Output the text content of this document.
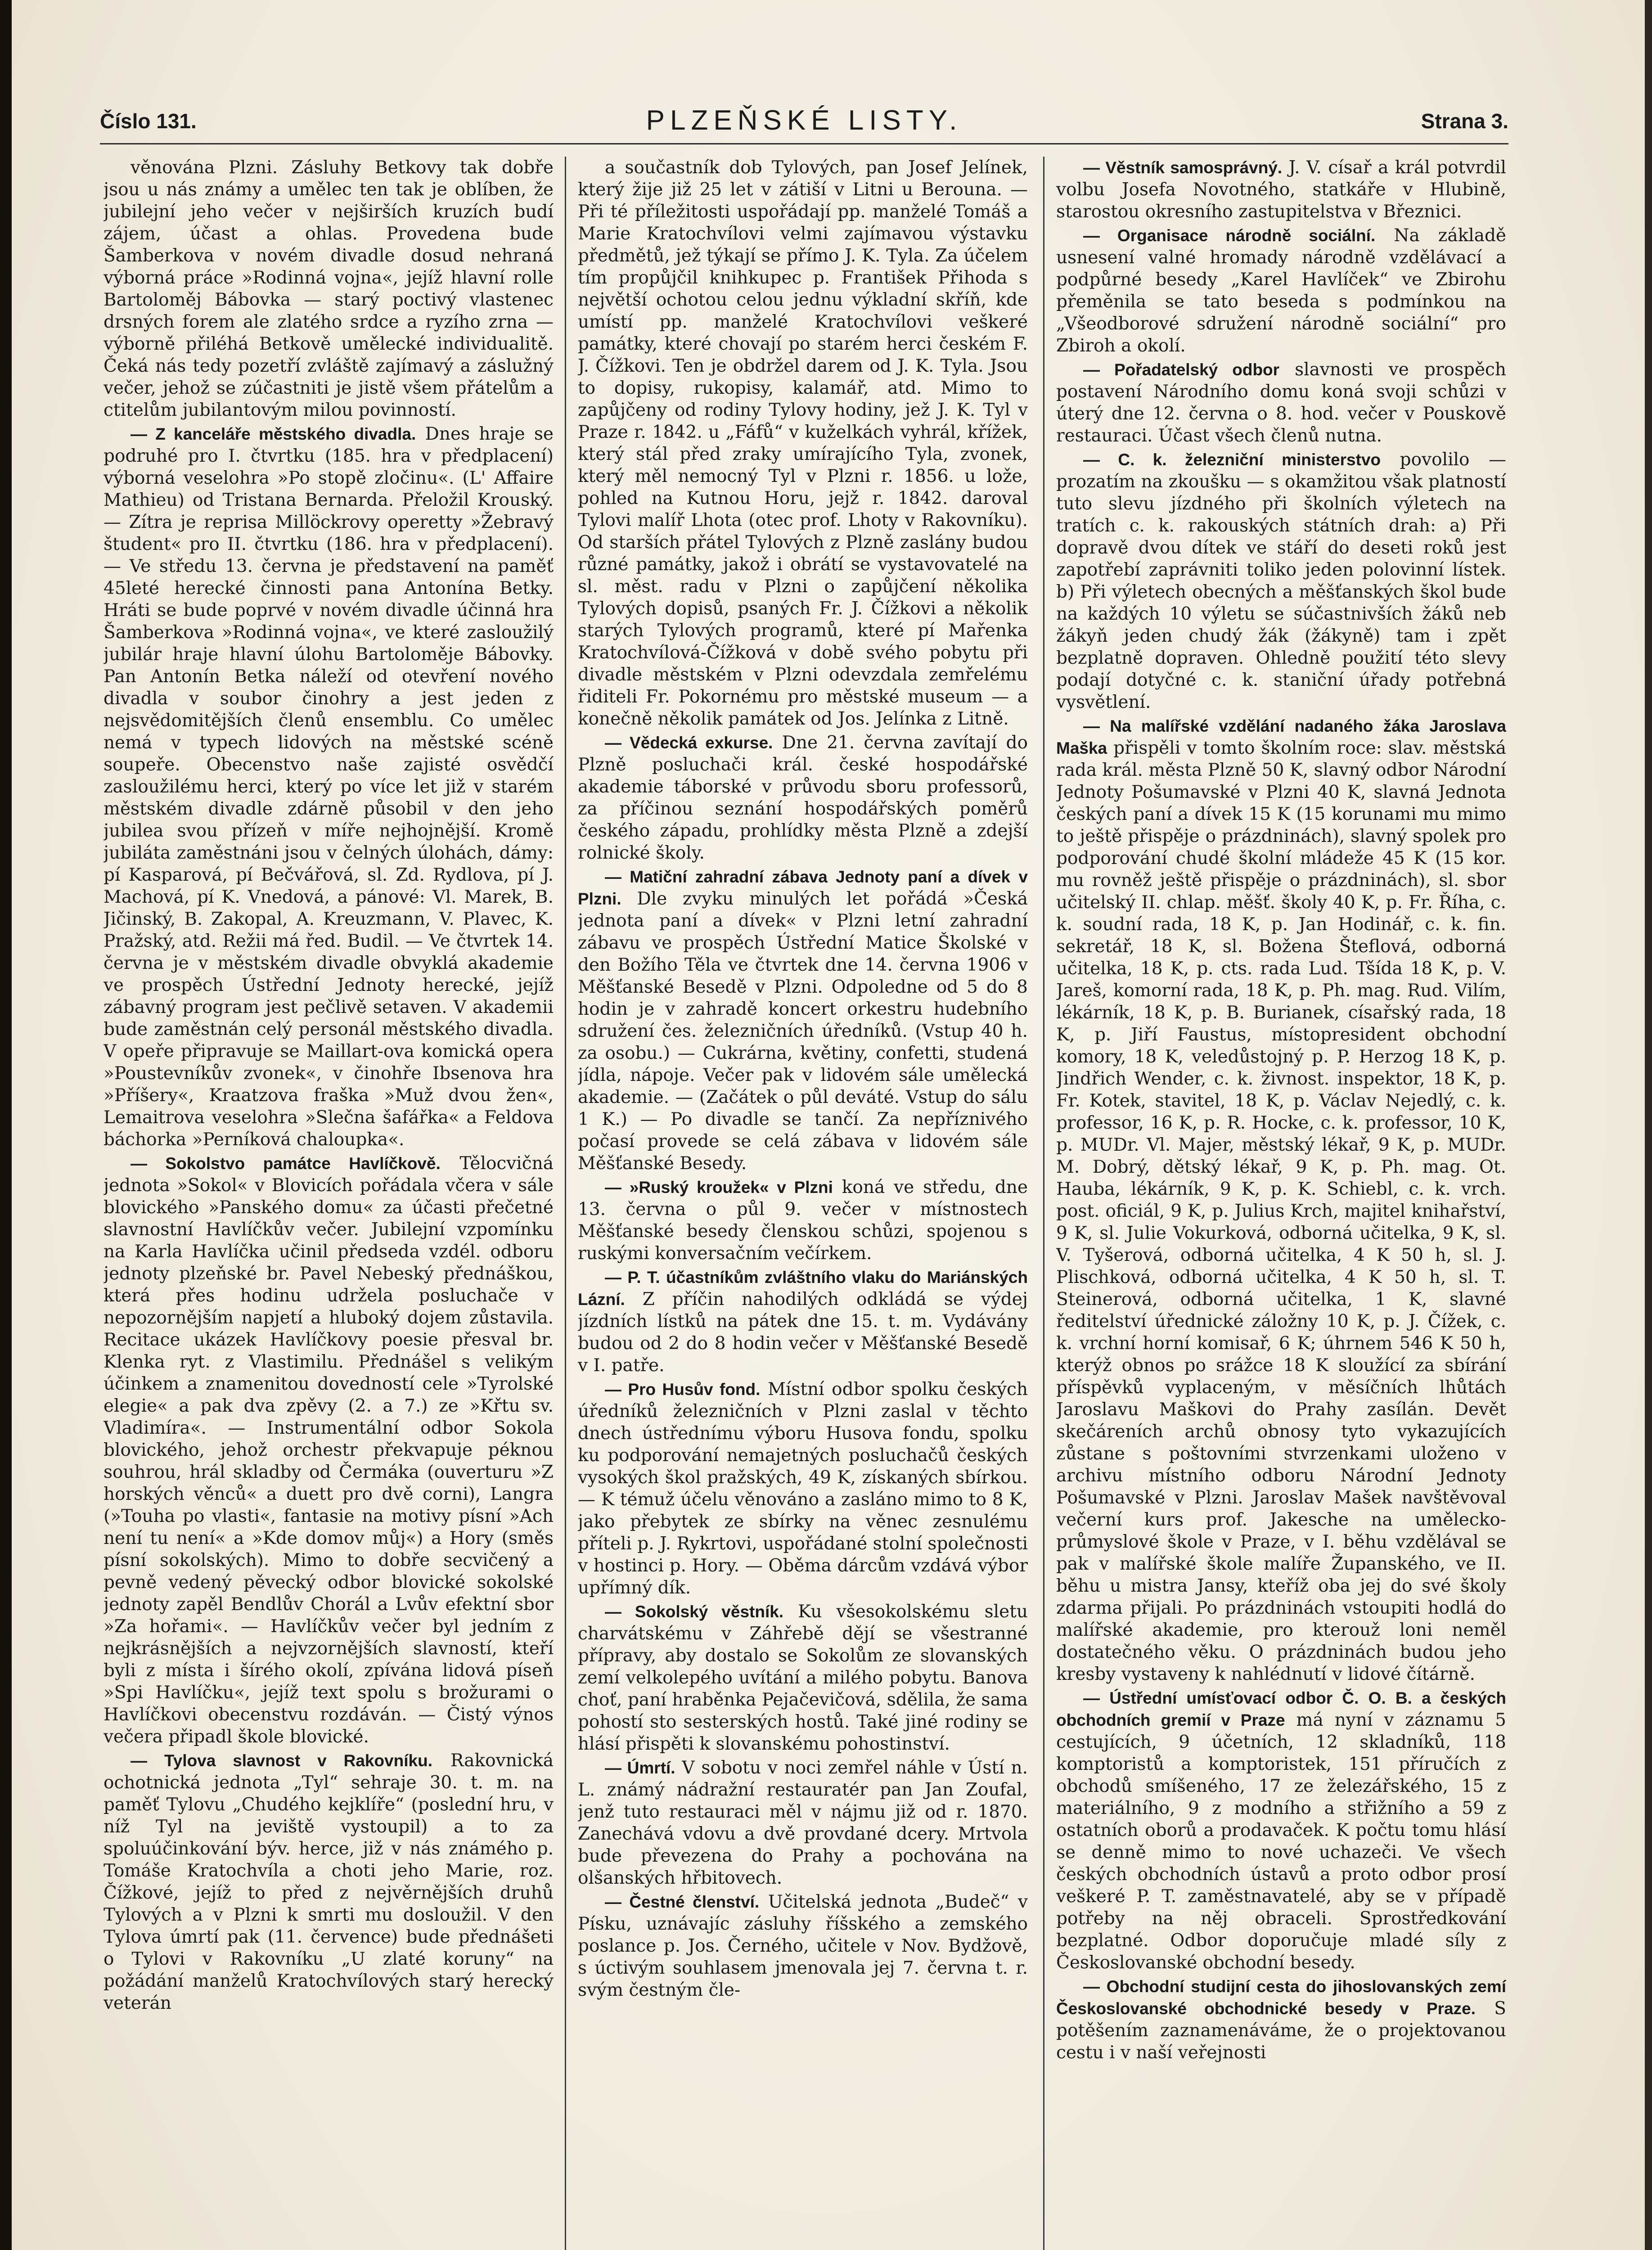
Číslo 131.	PLZEŇSKÉ LISTY.	Strana 3.

věnována Plzni. Zásluhy Betkovy tak dobře jsou u nás známy a umělec ten tak je oblíben, že jubilejní jeho večer v nejširších kruzích budí zájem, účast a ohlas. Provedena bude Šamberkova v novém divadle dosud nehraná výborná práce »Rodinná vojna«, jejíž hlavní rolle Bartoloměj Bábovka — starý poctivý vlastenec drsných forem ale zlatého srdce a ryzího zrna — výborně přiléhá Betkově umělecké individualitě. Čeká nás tedy pozetří zvláště zajímavý a záslužný večer, jehož se zúčastniti je jistě všem přátelům a ctitelům jubilantovým milou povinností.

— Z kanceláře městského divadla. Dnes hraje se podruhé pro I. čtvrtku (185. hra v předplacení) výborná veselohra »Po stopě zločinu«. (L' Affaire Mathieu) od Tristana Bernarda. Přeložil Krouský. — Zítra je reprisa Millöckrovy operetty »Žebravý študent« pro II. čtvrtku (186. hra v předplacení). — Ve středu 13. června je představení na paměť 45leté herecké činnosti pana Antonína Betky. Hráti se bude poprvé v novém divadle účinná hra Šamberkova »Rodinná vojna«, ve které zasloužilý jubilár hraje hlavní úlohu Bartoloměje Bábovky. Pan Antonín Betka náleží od otevření nového divadla v soubor činohry a jest jeden z nejsvědomitějších členů ensemblu. Co umělec nemá v typech lidových na městské scéně soupeře. Obecenstvo naše zajisté osvědčí zasloužilému herci, který po více let již v starém městském divadle zdárně působil v den jeho jubilea svou přízeň v míře nejhojnější. Kromě jubiláta zaměstnáni jsou v čelných úlohách, dámy: pí Kasparová, pí Bečvářová, sl. Zd. Rydlova, pí J. Machová, pí K. Vnedová, a pánové: Vl. Marek, B. Jičinský, B. Zakopal, A. Kreuzmann, V. Plavec, K. Pražský, atd. Režii má řed. Budil. — Ve čtvrtek 14. června je v městském divadle obvyklá akademie ve prospěch Ústřední Jednoty herecké, jejíž zábavný program jest pečlivě setaven. V akademii bude zaměstnán celý personál městského divadla. V opeře připravuje se Maillart-ova komická opera »Poustevníkův zvonek«, v činohře Ibsenova hra »Příšery«, Kraatzova fraška »Muž dvou žen«, Lemaitrova veselohra »Slečna šafářka« a Feldova báchorka »Perníková chaloupka«.

— Sokolstvo památce Havlíčkově. Tělocvičná jednota »Sokol« v Blovicích pořádala včera v sále blovického »Panského domu« za účasti přečetné slavnostní Havlíčkův večer. Jubilejní vzpomínku na Karla Havlíčka učinil předseda vzdél. odboru jednoty plzeňské br. Pavel Nebeský přednáškou, která přes hodinu udržela posluchače v nepozornějším napjetí a hluboký dojem zůstavila. Recitace ukázek Havlíčkovy poesie přesval br. Klenka ryt. z Vlastimilu. Přednášel s velikým účinkem a znamenitou dovedností cele »Tyrolské elegie« a pak dva zpěvy (2. a 7.) ze »Křtu sv. Vladimíra«. — Instrumentální odbor Sokola blovického, jehož orchestr překvapuje péknou souhrou, hrál skladby od Čermáka (ouverturu »Z horských věnců« a duett pro dvě corni), Langra (»Touha po vlasti«, fantasie na motivy písní »Ach není tu není« a »Kde domov můj«) a Hory (směs písní sokolských). Mimo to dobře secvičený a pevně vedený pěvecký odbor blovické sokolské jednoty zapěl Bendlův Chorál a Lvův efektní sbor »Za hořami«. — Havlíčkův večer byl jedním z nejkrásnějších a nejvzornějších slavností, kteří byli z místa i šírého okolí, zpívána lidová píseň »Spi Havlíčku«, jejíž text spolu s brožurami o Havlíčkovi obecenstvu rozdáván. — Čistý výnos večera připadl škole blovické.

— Tylova slavnost v Rakovníku. Rakovnická ochotnická jednota „Tyl“ sehraje 30. t. m. na paměť Tylovu „Chudého kejklíře“ (poslední hru, v níž Tyl na jeviště vystoupil) a to za spoluúčinkování býv. herce, již v nás známého p. Tomáše Kratochvíla a choti jeho Marie, roz. Čížkové, jejíž to před z nejvěrnějších druhů Tylových a v Plzni k smrti mu dosloužil. V den Tylova úmrtí pak (11. července) bude přednášeti o Tylovi v Rakovníku „U zlaté koruny“ na požádání manželů Kratochvílových starý herecký veterán

a součastník dob Tylových, pan Josef Jelínek, který žije již 25 let v zátiší v Litni u Berouna. — Při té příležitosti uspořádají pp. manželé Tomáš a Marie Kratochvílovi velmi zajímavou výstavku předmětů, jež týkají se přímo J. K. Tyla. Za účelem tím propůjčil knihkupec p. František Přihoda s největší ochotou celou jednu výkladní skříň, kde umístí pp. manželé Kratochvílovi veškeré památky, které chovají po starém herci českém F. J. Čížkovi. Ten je obdržel darem od J. K. Tyla. Jsou to dopisy, rukopisy, kalamář, atd. Mimo to zapůjčeny od rodiny Tylovy hodiny, jež J. K. Tyl v Praze r. 1842. u „Fáfů“ v kuželkách vyhrál, křížek, který stál před zraky umírajícího Tyla, zvonek, který měl nemocný Tyl v Plzni r. 1856. u lože, pohled na Kutnou Horu, jejž r. 1842. daroval Tylovi malíř Lhota (otec prof. Lhoty v Rakovníku). Od starších přátel Tylových z Plzně zaslány budou různé památky, jakož i obrátí se vystavovatelé na sl. měst. radu v Plzni o zapůjčení několika Tylových dopisů, psaných Fr. J. Čížkovi a několik starých Tylových programů, které pí Mařenka Kratochvílová-Čížková v době svého pobytu při divadle městském v Plzni odevzdala zemřelému řiditeli Fr. Pokornému pro městské museum — a konečně několik památek od Jos. Jelínka z Litně.

— Vědecká exkurse. Dne 21. června zavítají do Plzně posluchači král. české hospodářské akademie táborské v průvodu sboru professorů, za příčinou seznání hospodářských poměrů českého západu, prohlídky města Plzně a zdejší rolnické školy.

— Matiční zahradní zábava Jednoty paní a dívek v Plzni. Dle zvyku minulých let pořádá »Česká jednota paní a dívek« v Plzni letní zahradní zábavu ve prospěch Ústřední Matice Školské v den Božího Těla ve čtvrtek dne 14. června 1906 v Měšťanské Besedě v Plzni. Odpoledne od 5 do 8 hodin je v zahradě koncert orkestru hudebního sdružení čes. železničních úředníků. (Vstup 40 h. za osobu.) — Cukrárna, květiny, confetti, studená jídla, nápoje. Večer pak v lidovém sále umělecká akademie. — (Začátek o půl deváté. Vstup do sálu 1 K.) — Po divadle se tančí. Za nepříznivého počasí provede se celá zábava v lidovém sále Měšťanské Besedy.

— »Ruský kroužek« v Plzni koná ve středu, dne 13. června o půl 9. večer v místnostech Měšťanské besedy členskou schůzi, spojenou s ruskými konversačním večírkem.

— P. T. účastníkům zvláštního vlaku do Mariánských Lázní. Z příčin nahodilých odkládá se výdej jízdních lístků na pátek dne 15. t. m. Vydávány budou od 2 do 8 hodin večer v Měšťanské Besedě v I. patře.

— Pro Husův fond. Místní odbor spolku českých úředníků železničních v Plzni zaslal v těchto dnech ústřednímu výboru Husova fondu, spolku ku podporování nemajetných posluchačů českých vysokých škol pražských, 49 K, získaných sbírkou. — K témuž účelu věnováno a zasláno mimo to 8 K, jako přebytek ze sbírky na věnec zesnulému příteli p. J. Rykrtovi, uspořádané stolní společnosti v hostinci p. Hory. — Oběma dárcům vzdává výbor upřímný dík.

— Sokolský věstník. Ku všesokolskému sletu charvátskému v Záhřebě dějí se všestranné přípravy, aby dostalo se Sokolům ze slovanských zemí velkolepého uvítání a milého pobytu. Banova choť, paní hraběnka Pejačevičová, sdělila, že sama pohostí sto sesterských hostů. Také jiné rodiny se hlásí přispěti k slovanskému pohostinství.

— Úmrtí. V sobotu v noci zemřel náhle v Ústí n. L. známý nádražní restauratér pan Jan Zoufal, jenž tuto restauraci měl v nájmu již od r. 1870. Zanechává vdovu a dvě provdané dcery. Mrtvola bude převezena do Prahy a pochována na olšanských hřbitovech.

— Čestné členství. Učitelská jednota „Budeč“ v Písku, uznávajíc zásluhy říšského a zemského poslance p. Jos. Černého, učitele v Nov. Bydžově, s úctivým souhlasem jmenovala jej 7. června t. r. svým čestným čle-

— Věstník samosprávný. J. V. císař a král potvrdil volbu Josefa Novotného, statkáře v Hlubině, starostou okresního zastupitelstva v Březnici.

— Organisace národně sociální. Na základě usnesení valné hromady národně vzdělávací a podpůrné besedy „Karel Havlíček“ ve Zbirohu přeměnila se tato beseda s podmínkou na „Všeodborové sdružení národně sociální“ pro Zbiroh a okolí.

— Pořadatelský odbor slavnosti ve prospěch postavení Národního domu koná svoji schůzi v úterý dne 12. června o 8. hod. večer v Pouskově restauraci. Účast všech členů nutna.

— C. k. železniční ministerstvo povolilo — prozatím na zkoušku — s okamžitou však platností tuto slevu jízdného při školních výletech na tratích c. k. rakouských státních drah: a) Při dopravě dvou dítek ve stáří do deseti roků jest zapotřebí zaprávniti toliko jeden polovinní lístek. b) Při výletech obecných a měšťanských škol bude na každých 10 výletu se súčastnivších žáků neb žákyň jeden chudý žák (žákyně) tam i zpět bezplatně dopraven. Ohledně použití této slevy podají dotyčné c. k. staniční úřady potřebná vysvětlení.

— Na malířské vzdělání nadaného žáka Jaroslava Maška přispěli v tomto školním roce: slav. městská rada král. města Plzně 50 K, slavný odbor Národní Jednoty Pošumavské v Plzni 40 K, slavná Jednota českých paní a dívek 15 K (15 korunami mu mimo to ještě přispěje o prázdninách), slavný spolek pro podporování chudé školní mládeže 45 K (15 kor. mu rovněž ještě přispěje o prázdninách), sl. sbor učitelský II. chlap. měšť. školy 40 K, p. Fr. Říha, c. k. soudní rada, 18 K, p. Jan Hodinář, c. k. fin. sekretář, 18 K, sl. Božena Šteflová, odborná učitelka, 18 K, p. cts. rada Lud. Tšída 18 K, p. V. Jareš, komorní rada, 18 K, p. Ph. mag. Rud. Vilím, lékárník, 18 K, p. B. Burianek, císařský rada, 18 K, p. Jiří Faustus, místopresident obchodní komory, 18 K, veledůstojný p. P. Herzog 18 K, p. Jindřich Wender, c. k. živnost. inspektor, 18 K, p. Fr. Kotek, stavitel, 18 K, p. Václav Nejedlý, c. k. professor, 16 K, p. R. Hocke, c. k. professor, 10 K, p. MUDr. Vl. Majer, městský lékař, 9 K, p. MUDr. M. Dobrý, dětský lékař, 9 K, p. Ph. mag. Ot. Hauba, lékárník, 9 K, p. K. Schiebl, c. k. vrch. post. oficiál, 9 K, p. Julius Krch, majitel knihařství, 9 K, sl. Julie Vokurková, odborná učitelka, 9 K, sl. V. Tyšerová, odborná učitelka, 4 K 50 h, sl. J. Plischková, odborná učitelka, 4 K 50 h, sl. T. Steinerová, odborná učitelka, 1 K, slavné ředitelství úřednické záložny 10 K, p. J. Čížek, c. k. vrchní horní komisař, 6 K; úhrnem 546 K 50 h, kterýž obnos po srážce 18 K sloužící za sbírání příspěvků vyplaceným, v měsíčních lhůtách Jaroslavu Maškovi do Prahy zasílán. Devět skečáreních archů obnosy tyto vykazujících zůstane s poštovními stvrzenkami uloženo v archivu místního odboru Národní Jednoty Pošumavské v Plzni. Jaroslav Mašek navštěvoval večerní kurs prof. Jakesche na umělecko-průmyslové škole v Praze, v I. běhu vzdělával se pak v malířské škole malíře Županského, ve II. běhu u mistra Jansy, kteříž oba jej do své školy zdarma přijali. Po prázdninách vstoupiti hodlá do malířské akademie, pro kterouž loni neměl dostatečného věku. O prázdninách budou jeho kresby vystaveny k nahlédnutí v lidové čítárně.

— Ústřední umísťovací odbor Č. O. B. a českých obchodních gremií v Praze má nyní v záznamu 5 cestujících, 9 účetních, 12 skladníků, 118 komptoristů a komptoristek, 151 příručích z obchodů smíšeného, 17 ze železářského, 15 z materiálního, 9 z modního a střižního a 59 z ostatních oborů a prodavaček. K počtu tomu hlásí se denně mimo to nové uchazeči. Ve všech českých obchodních ústavů a proto odbor prosí veškeré P. T. zaměstnavatelé, aby se v případě potřeby na něj obraceli. Sprostředkování bezplatné. Odbor doporučuje mladé síly z Českoslovanské obchodní besedy.

— Obchodní studijní cesta do jihoslovanských zemí Českoslovanské obchodnické besedy v Praze. S potěšením zaznamenáváme, že o projektovanou cestu i v naší veřejnosti
